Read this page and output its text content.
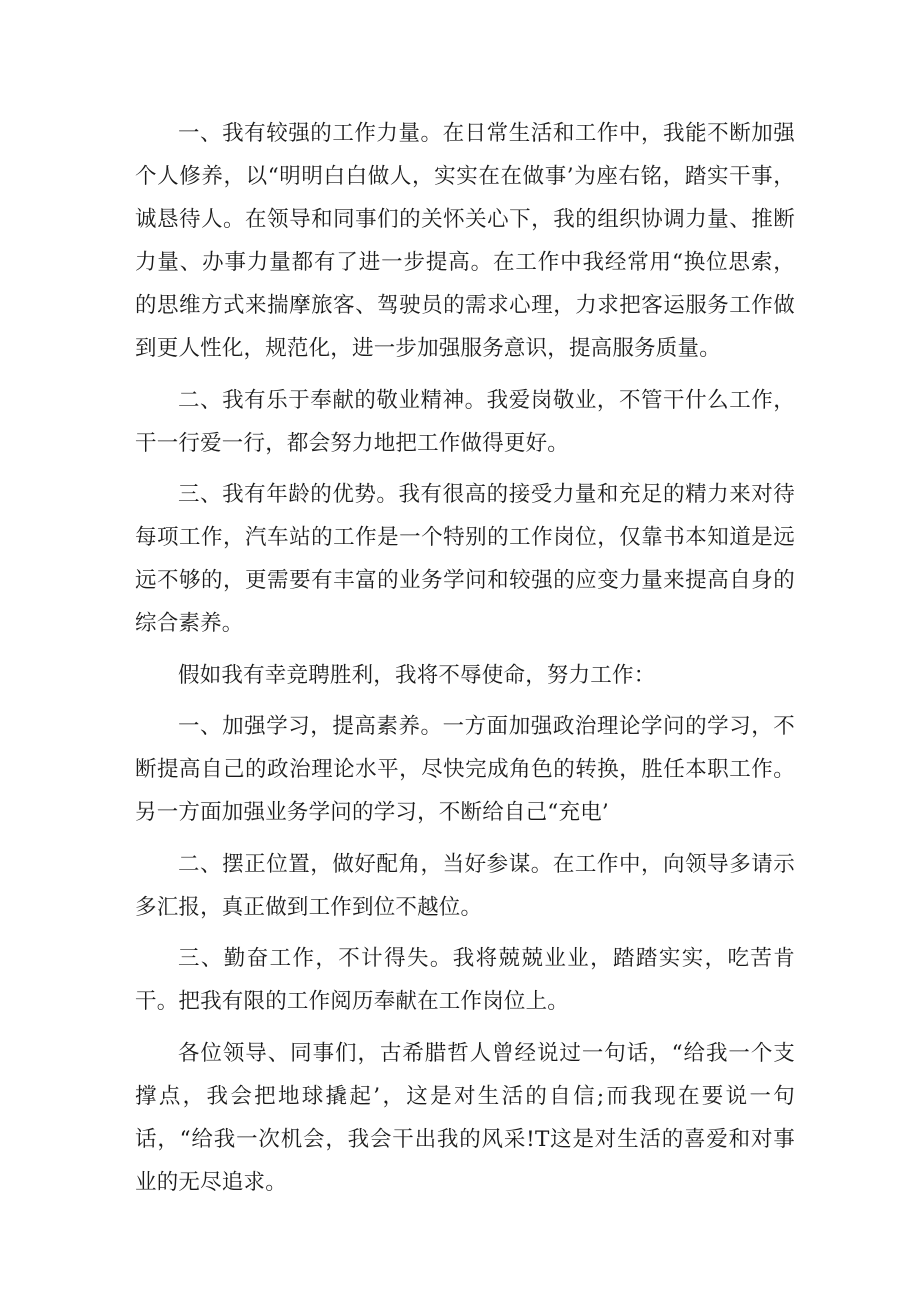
一、我有较强的工作力量。在日常生活和工作中，我能不断加强个人修养，以“明明白白做人，实实在在做事’为座右铭，踏实干事，诚恳待人。在领导和同事们的关怀关心下，我的组织协调力量、推断力量、办事力量都有了进一步提高。在工作中我经常用“换位思索，的思维方式来揣摩旅客、驾驶员的需求心理，力求把客运服务工作做到更人性化，规范化，进一步加强服务意识，提高服务质量。

二、我有乐于奉献的敬业精神。我爱岗敬业，不管干什么工作，干一行爱一行，都会努力地把工作做得更好。

三、我有年龄的优势。我有很高的接受力量和充足的精力来对待每项工作，汽车站的工作是一个特别的工作岗位，仅靠书本知道是远远不够的，更需要有丰富的业务学问和较强的应变力量来提高自身的综合素养。

假如我有幸竞聘胜利，我将不辱使命，努力工作：

一、加强学习，提高素养。一方面加强政治理论学问的学习，不断提高自己的政治理论水平，尽快完成角色的转换，胜任本职工作。另一方面加强业务学问的学习，不断给自己“充电’

二、摆正位置，做好配角，当好参谋。在工作中，向领导多请示多汇报，真正做到工作到位不越位。

三、勤奋工作，不计得失。我将兢兢业业，踏踏实实，吃苦肯干。把我有限的工作阅历奉献在工作岗位上。

各位领导、同事们，古希腊哲人曾经说过一句话，“给我一个支撑点，我会把地球撬起’，这是对生活的自信;而我现在要说一句话，“给我一次机会，我会干出我的风采!T这是对生活的喜爱和对事业的无尽追求。
